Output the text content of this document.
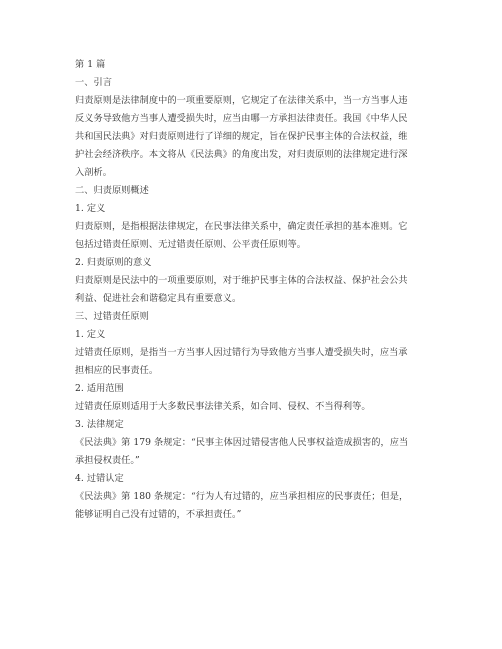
第 1 篇

一、引言

归责原则是法律制度中的一项重要原则，它规定了在法律关系中，当一方当事人违
反义务导致他方当事人遭受损失时，应当由哪一方承担法律责任。我国《中华人民
共和国民法典》对归责原则进行了详细的规定，旨在保护民事主体的合法权益，维
护社会经济秩序。本文将从《民法典》的角度出发，对归责原则的法律规定进行深
入剖析。

二、归责原则概述

1. 定义

归责原则，是指根据法律规定，在民事法律关系中，确定责任承担的基本准则。它
包括过错责任原则、无过错责任原则、公平责任原则等。

2. 归责原则的意义

归责原则是民法中的一项重要原则，对于维护民事主体的合法权益、保护社会公共
利益、促进社会和谐稳定具有重要意义。

三、过错责任原则

1. 定义

过错责任原则，是指当一方当事人因过错行为导致他方当事人遭受损失时，应当承
担相应的民事责任。

2. 适用范围

过错责任原则适用于大多数民事法律关系，如合同、侵权、不当得利等。

3. 法律规定

《民法典》第 179 条规定：“民事主体因过错侵害他人民事权益造成损害的，应当
承担侵权责任。”

4. 过错认定

《民法典》第 180 条规定：“行为人有过错的，应当承担相应的民事责任；但是，
能够证明自己没有过错的，不承担责任。”
